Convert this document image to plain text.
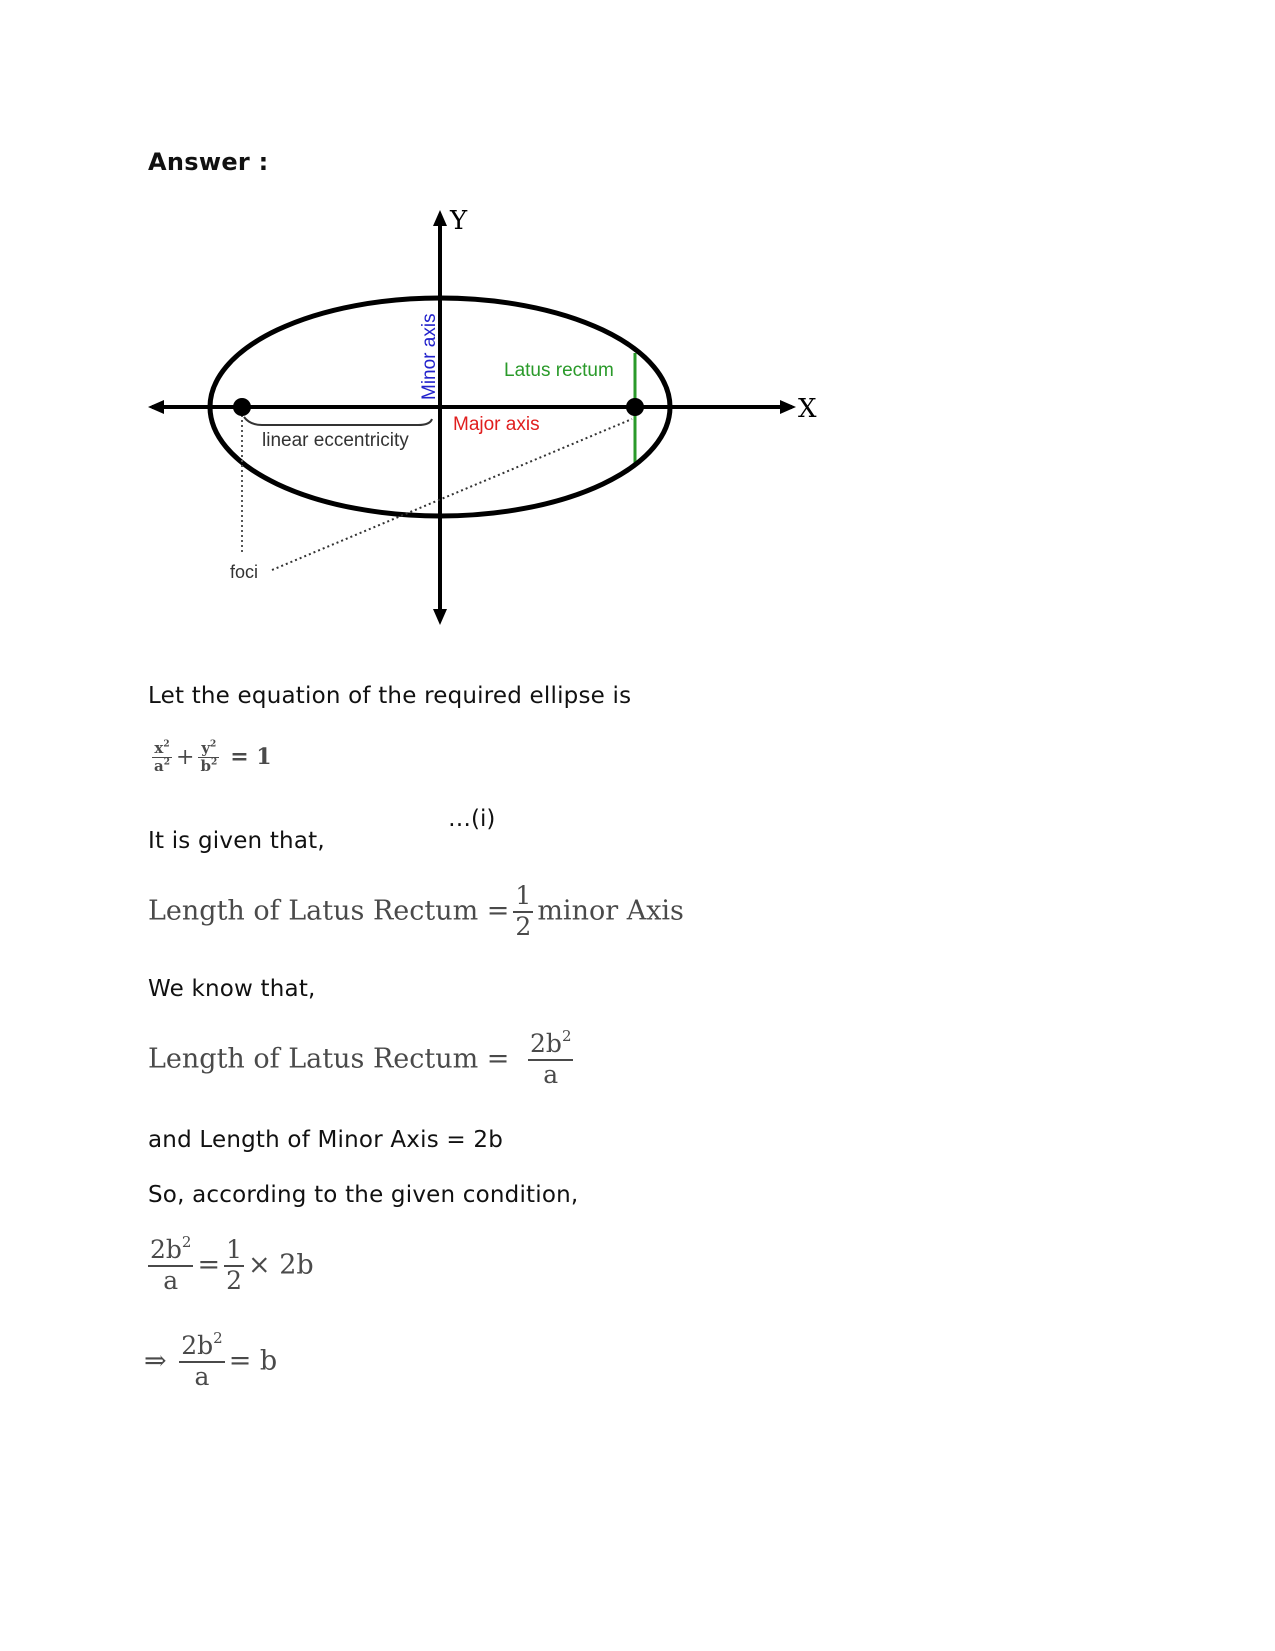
Answer :
Y
X
Minor axis	Latus rectum
Major axis
linear eccentricity
foci
Let the equation of the required ellipse is
$\frac{x^2}{a^2} + \frac{y^2}{b^2} = 1$
…(i)
It is given that,
Length of Latus Rectum = $\frac{1}{2}$ minor Axis
We know that,
Length of Latus Rectum = $\frac{2b^2}{a}$
and Length of Minor Axis = 2b
So, according to the given condition,
$\frac{2b^2}{a} = \frac{1}{2} \times 2b$
⇒ $\frac{2b^2}{a} = b$
